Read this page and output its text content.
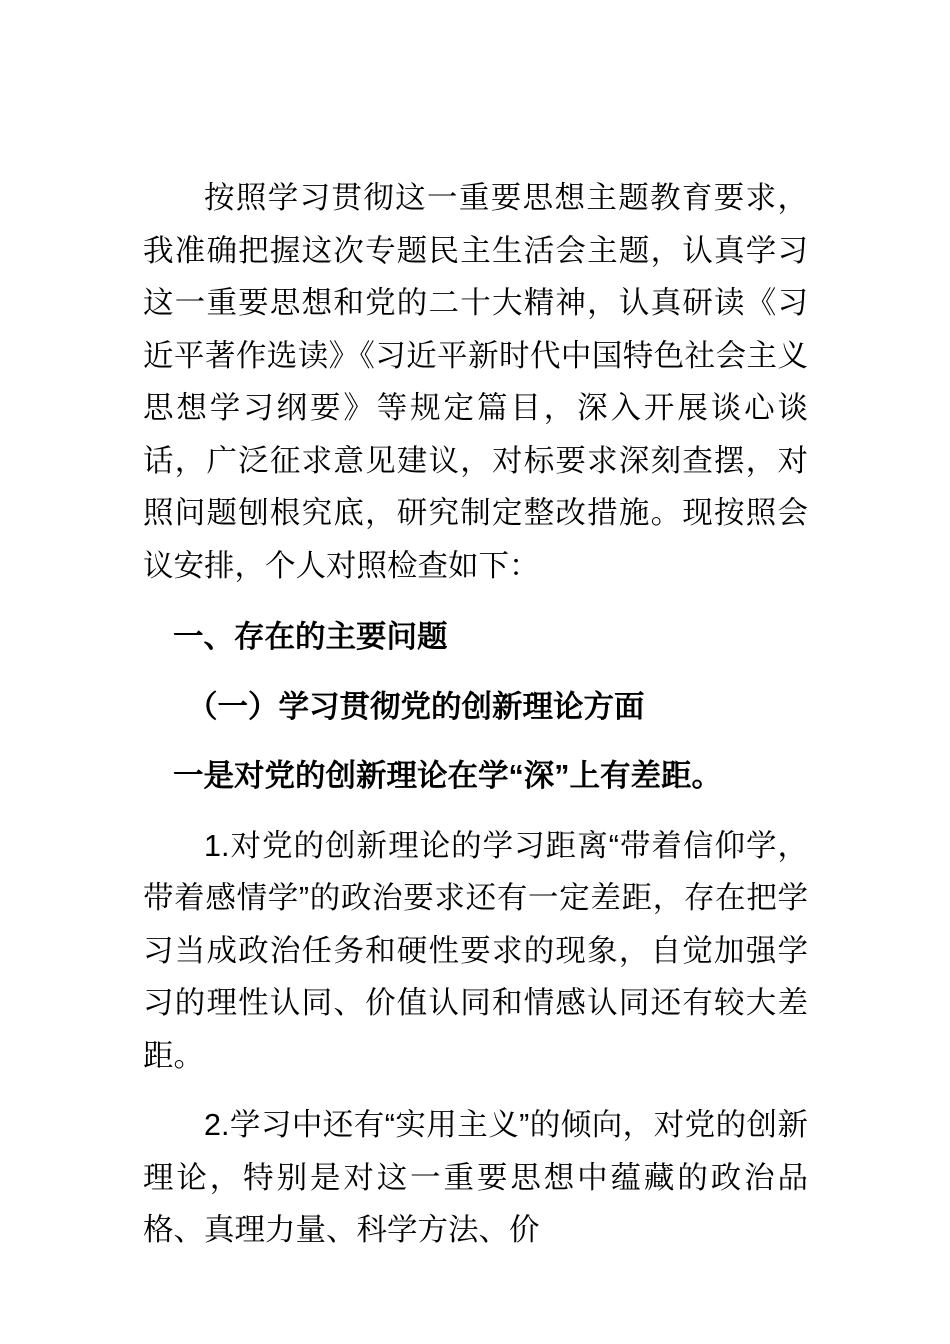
按照学习贯彻这一重要思想主题教育要求，我准确把握这次专题民主生活会主题，认真学习这一重要思想和党的二十大精神，认真研读《习近平著作选读》《习近平新时代中国特色社会主义思想学习纲要》等规定篇目，深入开展谈心谈话，广泛征求意见建议，对标要求深刻查摆，对照问题刨根究底，研究制定整改措施。现按照会议安排，个人对照检查如下：

一、存在的主要问题
（一）学习贯彻党的创新理论方面
一是对党的创新理论在学“深”上有差距。

1.对党的创新理论的学习距离“带着信仰学，带着感情学”的政治要求还有一定差距，存在把学习当成政治任务和硬性要求的现象，自觉加强学习的理性认同、价值认同和情感认同还有较大差距。

2.学习中还有“实用主义”的倾向，对党的创新理论，特别是对这一重要思想中蕴藏的政治品格、真理力量、科学方法、价
